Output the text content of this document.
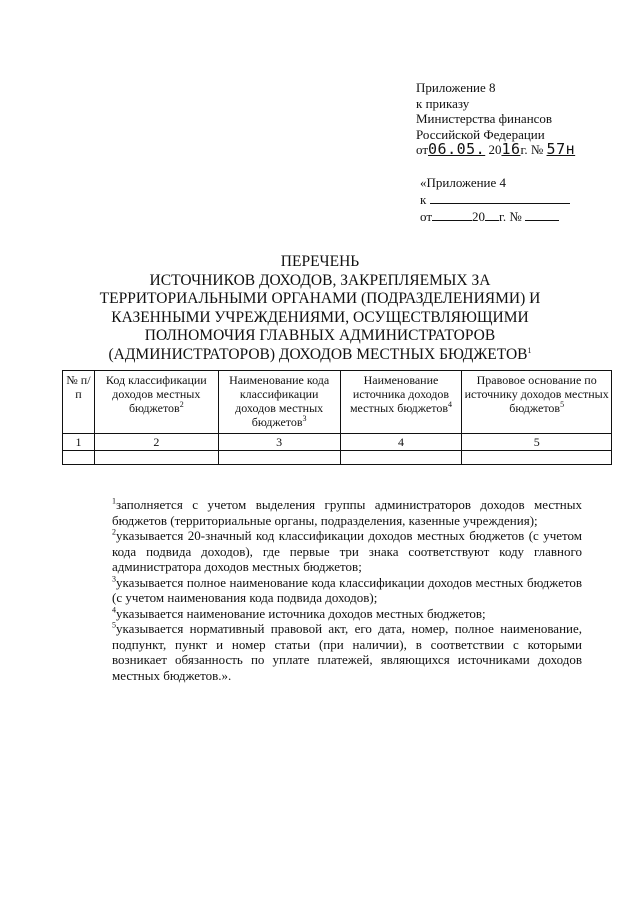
Приложение 8
к приказу
Министерства финансов
Российской Федерации
от06.05. 2016г. № 57н
«Приложение 4
к
от	20 г. №
ПЕРЕЧЕНЬ
ИСТОЧНИКОВ ДОХОДОВ, ЗАКРЕПЛЯЕМЫХ ЗА
ТЕРРИТОРИАЛЬНЫМИ ОРГАНАМИ (ПОДРАЗДЕЛЕНИЯМИ) И
КАЗЕННЫМИ УЧРЕЖДЕНИЯМИ, ОСУЩЕСТВЛЯЮЩИМИ
ПОЛНОМОЧИЯ ГЛАВНЫХ АДМИНИСТРАТОРОВ
(АДМИНИСТРАТОРОВ) ДОХОДОВ МЕСТНЫХ БЮДЖЕТОВ$^1$
№ п/п	Код классификации доходов местных бюджетов$^2$	Наименование кода классификации доходов местных бюджетов$^3$	Наименование источника доходов местных бюджетов$^4$	Правовое основание по источнику доходов местных бюджетов$^5$
1	2	3	4	5

$^1$заполняется с учетом выделения группы администраторов доходов местных бюджетов (территориальные органы, подразделения, казенные учреждения);

$^2$указывается 20-значный код классификации доходов местных бюджетов (с учетом кода подвида доходов), где первые три знака соответствуют коду главного администратора доходов местных бюджетов;

$^3$указывается полное наименование кода классификации доходов местных бюджетов (с учетом наименования кода подвида доходов);

$^4$указывается наименование источника доходов местных бюджетов;

$^5$указывается нормативный правовой акт, его дата, номер, полное наименование, подпункт, пункт и номер статьи (при наличии), в соответствии с которыми возникает обязанность по уплате платежей, являющихся источниками доходов местных бюджетов.».
